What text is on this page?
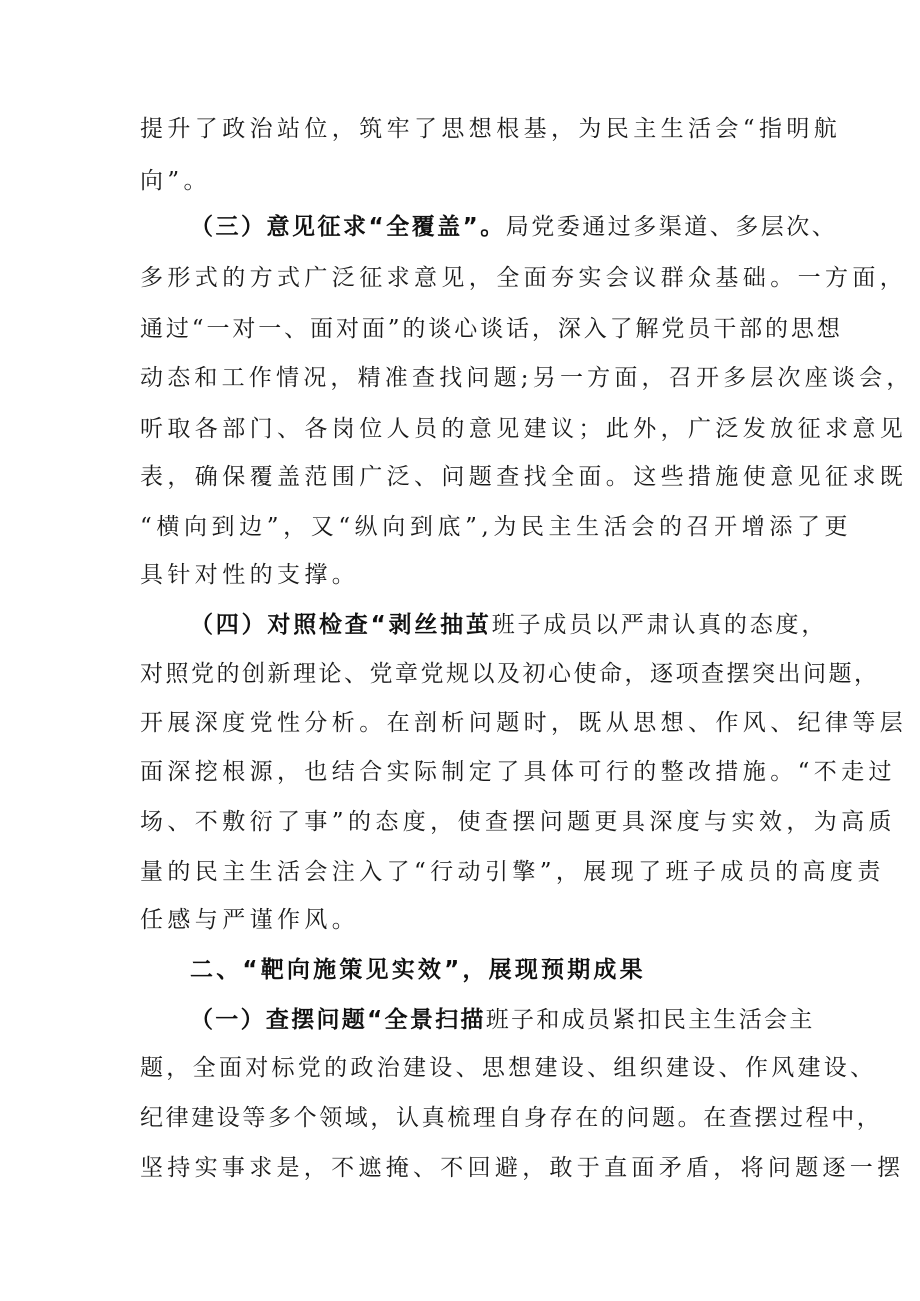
提升了政治站位，筑牢了思想根基，为民主生活会“指明航
向”。
（三）意见征求“全覆盖”。局党委通过多渠道、多层次、
多形式的方式广泛征求意见，全面夯实会议群众基础。一方面，
通过“一对一、面对面”的谈心谈话，深入了解党员干部的思想
动态和工作情况，精准查找问题;另一方面，召开多层次座谈会，
听取各部门、各岗位人员的意见建议；此外，广泛发放征求意见
表，确保覆盖范围广泛、问题查找全面。这些措施使意见征求既
“横向到边”，又“纵向到底”,为民主生活会的召开增添了更
具针对性的支撑。
（四）对照检查“剥丝抽茧班子成员以严肃认真的态度，
对照党的创新理论、党章党规以及初心使命，逐项查摆突出问题，
开展深度党性分析。在剖析问题时，既从思想、作风、纪律等层
面深挖根源，也结合实际制定了具体可行的整改措施。“不走过
场、不敷衍了事”的态度，使查摆问题更具深度与实效，为高质
量的民主生活会注入了“行动引擎”，展现了班子成员的高度责
任感与严谨作风。
二、“靶向施策见实效”，展现预期成果
（一）查摆问题“全景扫描班子和成员紧扣民主生活会主
题，全面对标党的政治建设、思想建设、组织建设、作风建设、
纪律建设等多个领域，认真梳理自身存在的问题。在查摆过程中，
坚持实事求是，不遮掩、不回避，敢于直面矛盾，将问题逐一摆
